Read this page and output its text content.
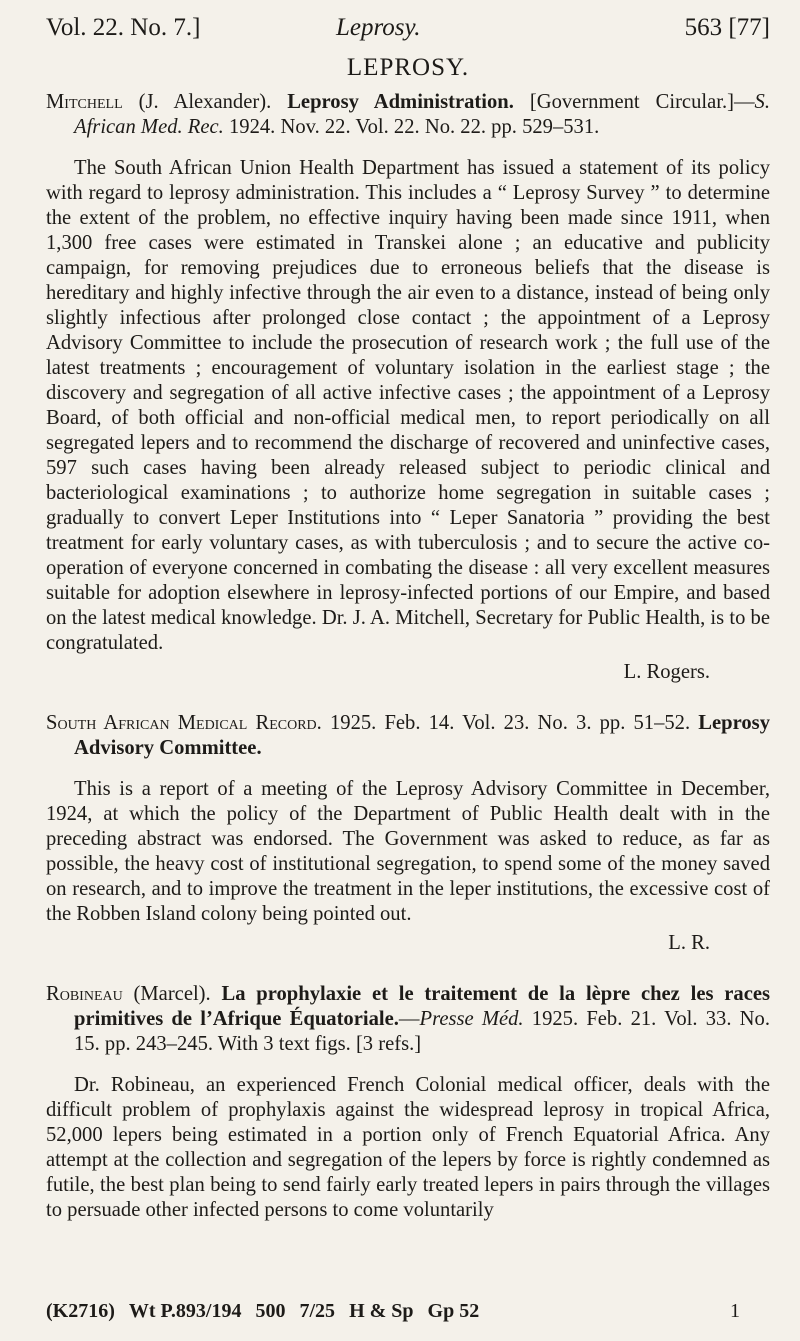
Vol. 22. No. 7.]	Leprosy.	563 [77]
LEPROSY.

Mitchell (J. Alexander). Leprosy Administration. [Government Circular.]—S. African Med. Rec. 1924. Nov. 22. Vol. 22. No. 22. pp. 529–531.

The South African Union Health Department has issued a statement of its policy with regard to leprosy administration. This includes a “ Leprosy Survey ” to determine the extent of the problem, no effective inquiry having been made since 1911, when 1,300 free cases were estimated in Transkei alone ; an educative and publicity campaign, for removing prejudices due to erroneous beliefs that the disease is hereditary and highly infective through the air even to a distance, instead of being only slightly infectious after prolonged close contact ; the appointment of a Leprosy Advisory Committee to include the prosecution of research work ; the full use of the latest treatments ; encouragement of voluntary isolation in the earliest stage ; the discovery and segregation of all active infective cases ; the appointment of a Leprosy Board, of both official and non-official medical men, to report periodically on all segregated lepers and to recommend the discharge of recovered and uninfective cases, 597 such cases having been already released subject to periodic clinical and bacteriological examinations ; to authorize home segregation in suitable cases ; gradually to convert Leper Institutions into “ Leper Sanatoria ” providing the best treatment for early voluntary cases, as with tuberculosis ; and to secure the active co-operation of everyone concerned in combating the disease : all very excellent measures suitable for adoption elsewhere in leprosy-infected portions of our Empire, and based on the latest medical knowledge. Dr. J. A. Mitchell, Secretary for Public Health, is to be congratulated.

L. Rogers.

South African Medical Record. 1925. Feb. 14. Vol. 23. No. 3. pp. 51–52. Leprosy Advisory Committee.

This is a report of a meeting of the Leprosy Advisory Committee in December, 1924, at which the policy of the Department of Public Health dealt with in the preceding abstract was endorsed. The Government was asked to reduce, as far as possible, the heavy cost of institutional segregation, to spend some of the money saved on research, and to improve the treatment in the leper institutions, the excessive cost of the Robben Island colony being pointed out.

L. R.

Robineau (Marcel). La prophylaxie et le traitement de la lèpre chez les races primitives de l’Afrique Équatoriale.—Presse Méd. 1925. Feb. 21. Vol. 33. No. 15. pp. 243–245. With 3 text figs. [3 refs.]

Dr. Robineau, an experienced French Colonial medical officer, deals with the difficult problem of prophylaxis against the widespread leprosy in tropical Africa, 52,000 lepers being estimated in a portion only of French Equatorial Africa. Any attempt at the collection and segregation of the lepers by force is rightly condemned as futile, the best plan being to send fairly early treated lepers in pairs through the villages to persuade other infected persons to come voluntarily

(K2716) Wt P.893/194 500 7/25 H & Sp Gp 52	1
